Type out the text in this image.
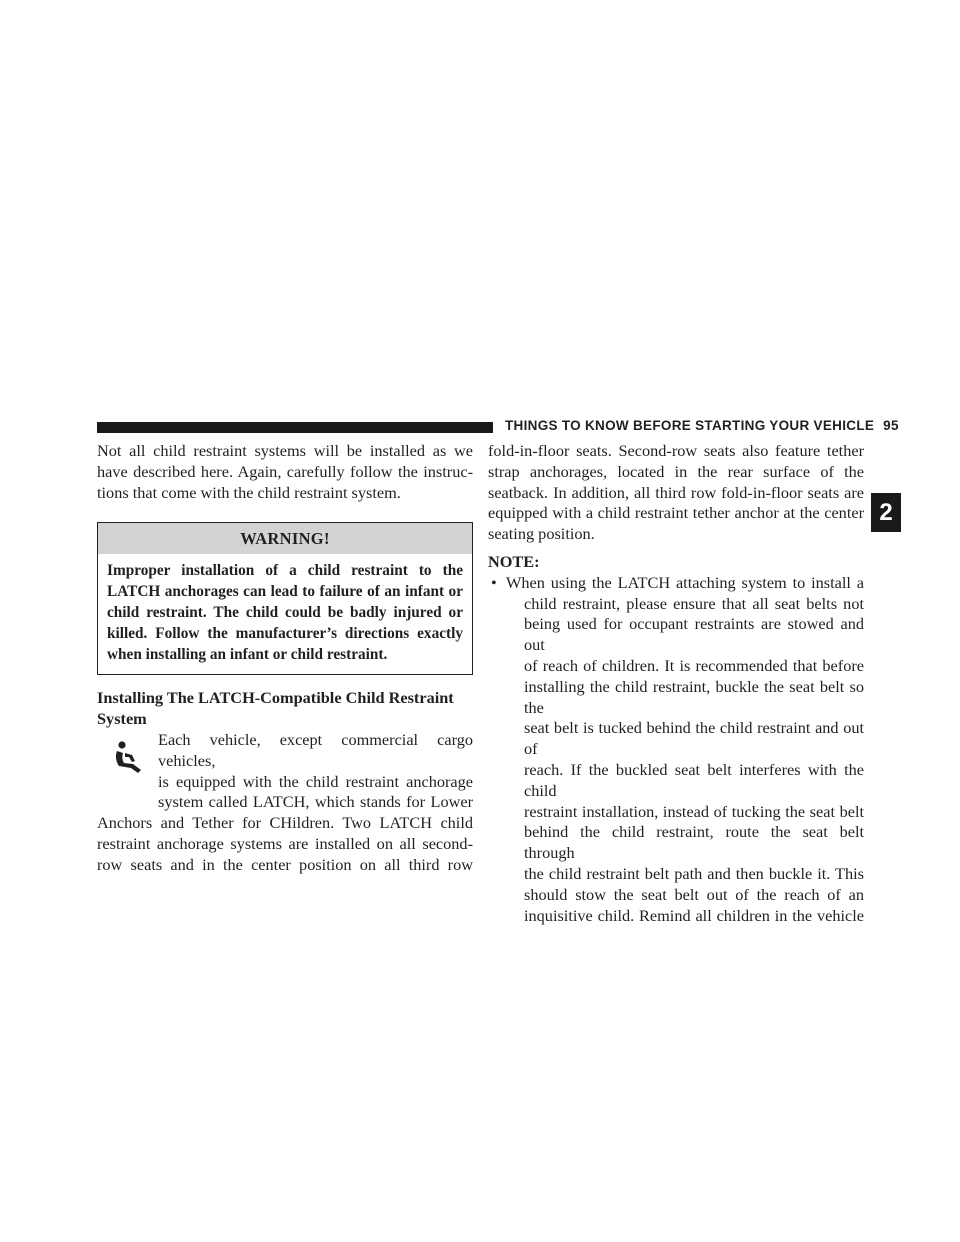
THINGS TO KNOW BEFORE STARTING YOUR VEHICLE 95
2

Not all child restraint systems will be installed as we

have described here. Again, carefully follow the instruc-

tions that come with the child restraint system.

WARNING!

Improper installation of a child restraint to the

LATCH anchorages can lead to failure of an infant or

child restraint. The child could be badly injured or

killed. Follow the manufacturer’s directions exactly

when installing an infant or child restraint.

Installing The LATCH-Compatible Child Restraint
System

Each vehicle, except commercial cargo vehicles,

is equipped with the child restraint anchorage

system called LATCH, which stands for Lower

Anchors and Tether for CHildren. Two LATCH child

restraint anchorage systems are installed on all second-

row seats and in the center position on all third row

fold-in-floor seats. Second-row seats also feature tether

strap anchorages, located in the rear surface of the

seatback. In addition, all third row fold-in-floor seats are

equipped with a child restraint tether anchor at the center

seating position.

NOTE:
• When using the LATCH attaching system to install a

child restraint, please ensure that all seat belts not

being used for occupant restraints are stowed and out

of reach of children. It is recommended that before

installing the child restraint, buckle the seat belt so the

seat belt is tucked behind the child restraint and out of

reach. If the buckled seat belt interferes with the child

restraint installation, instead of tucking the seat belt

behind the child restraint, route the seat belt through

the child restraint belt path and then buckle it. This

should stow the seat belt out of the reach of an

inquisitive child. Remind all children in the vehicle
